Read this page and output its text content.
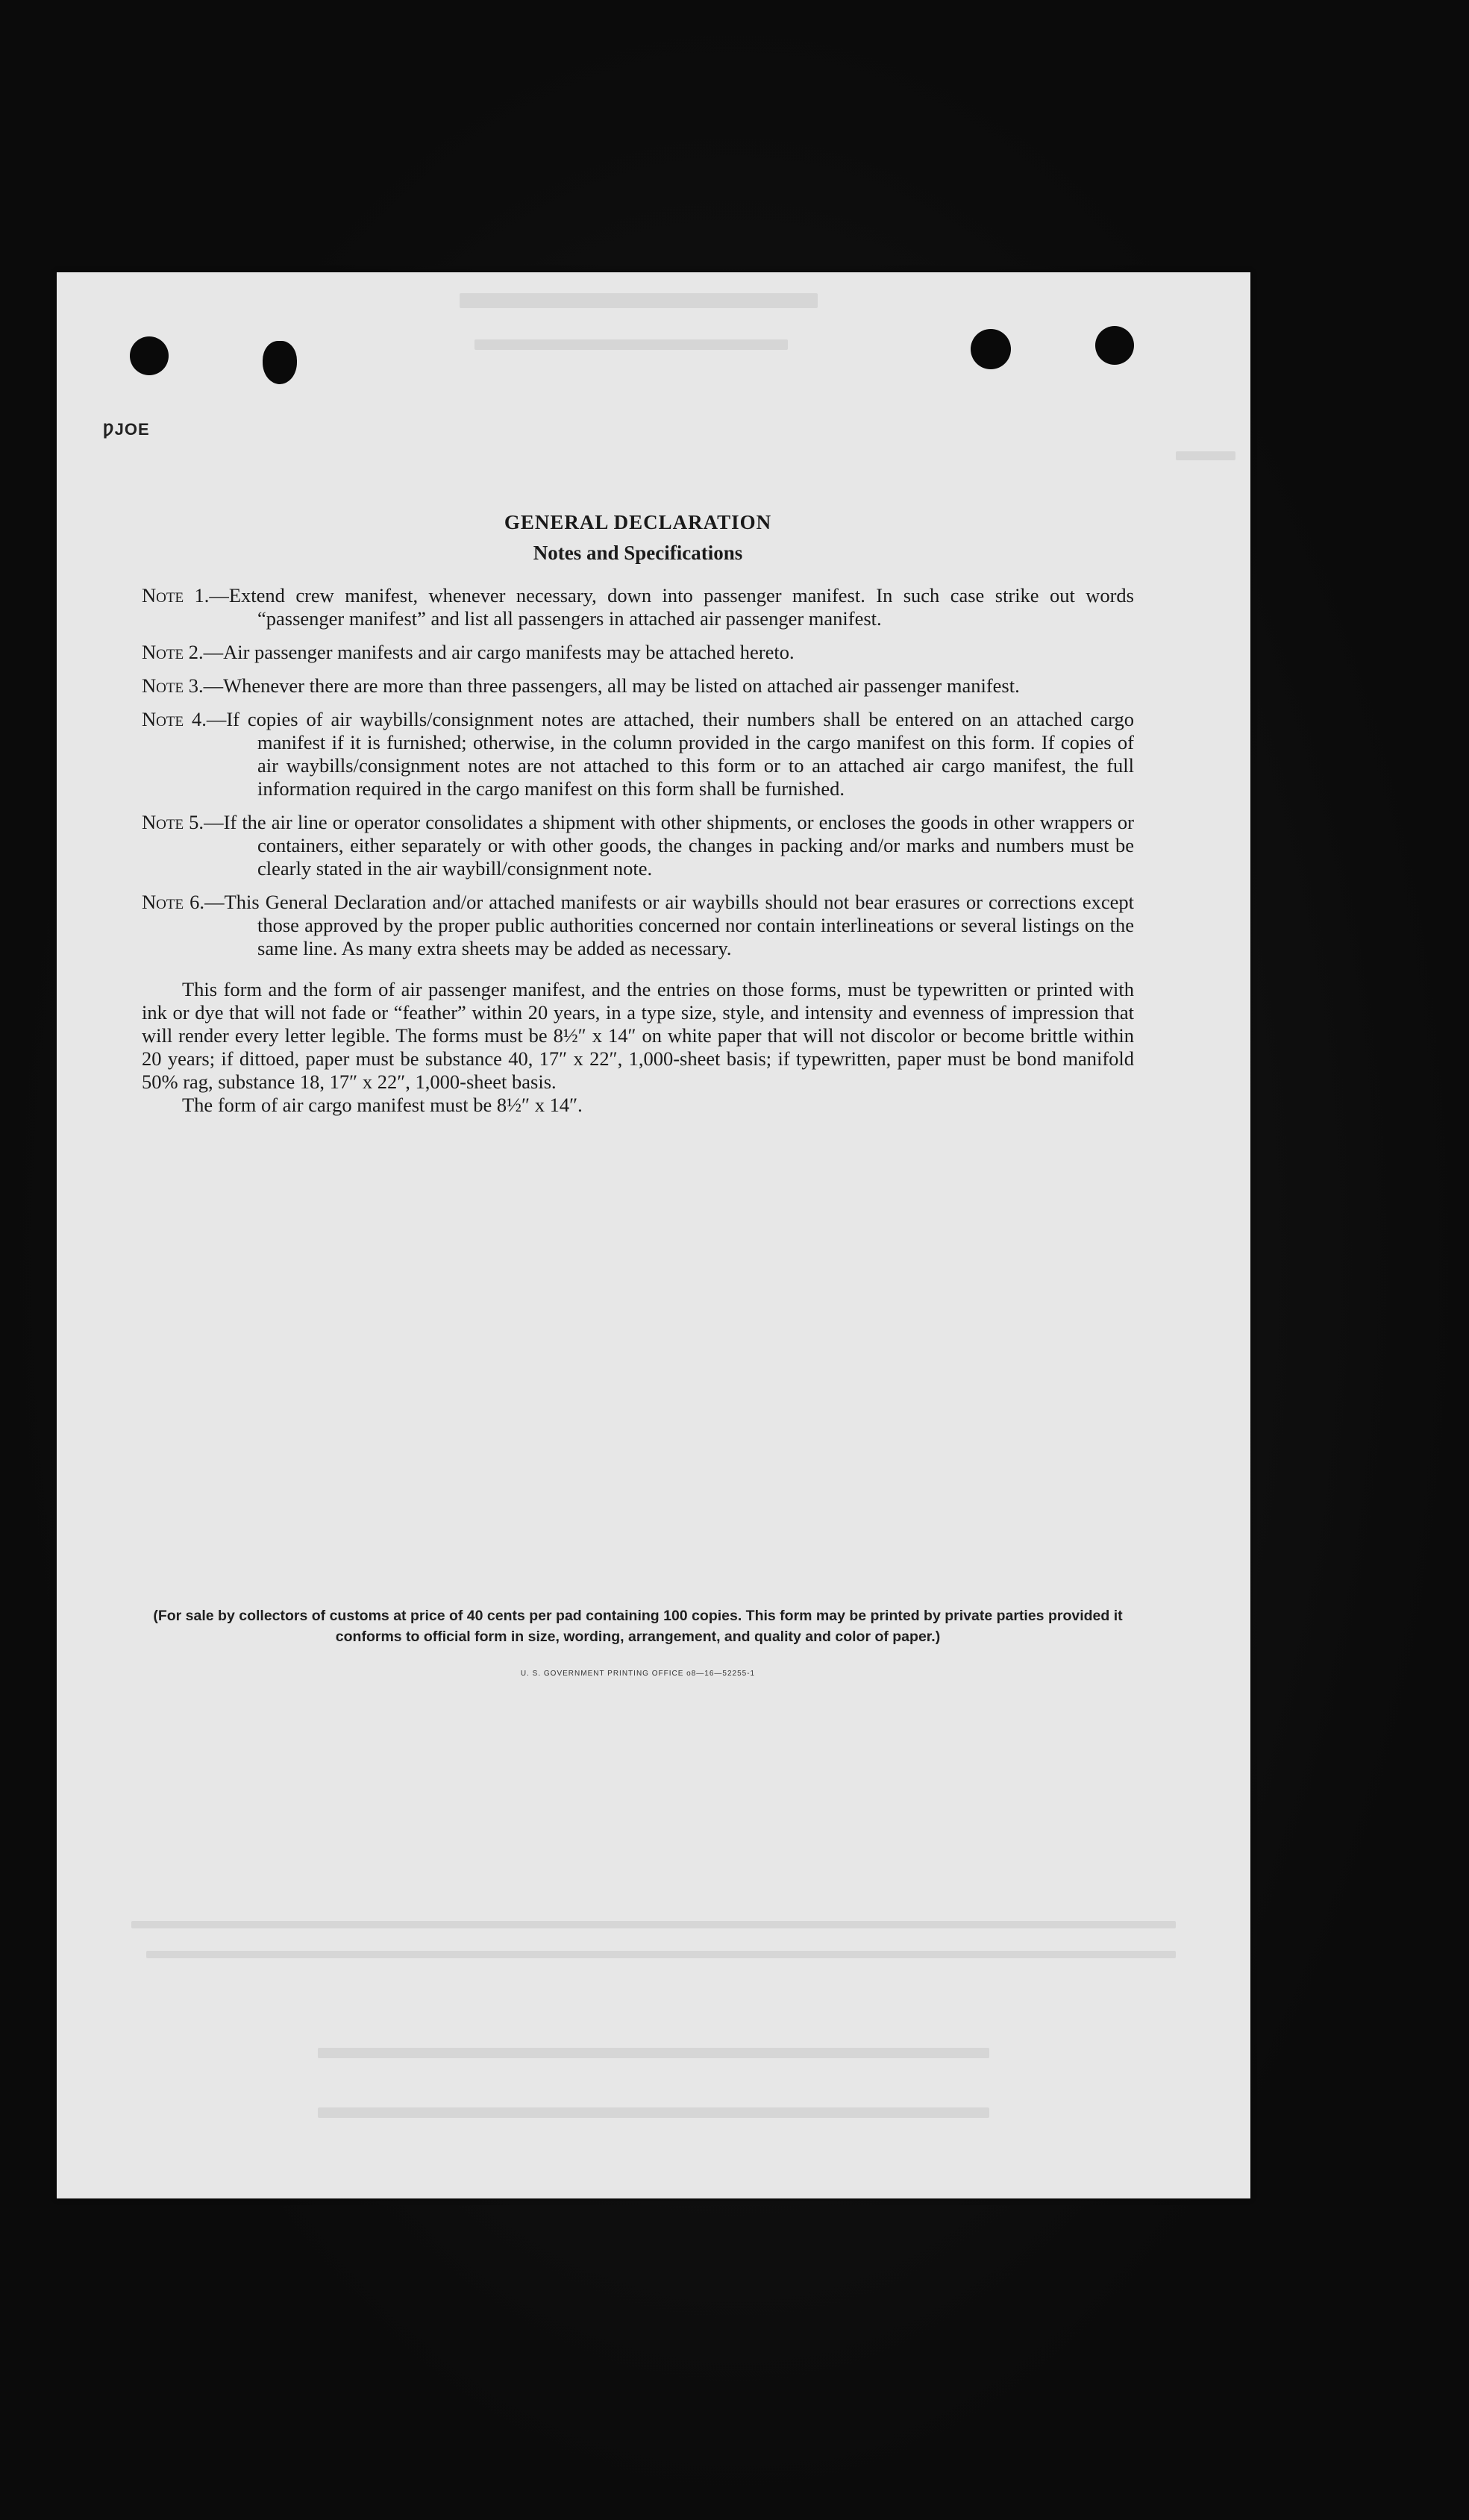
ǷJOE
GENERAL DECLARATION
Notes and Specifications

Note 1.—Extend crew manifest, whenever necessary, down into passenger manifest. In such case strike out words “passenger manifest” and list all passengers in attached air passenger manifest.

Note 2.—Air passenger manifests and air cargo manifests may be attached hereto.

Note 3.—Whenever there are more than three passengers, all may be listed on attached air passenger manifest.

Note 4.—If copies of air waybills/consignment notes are attached, their numbers shall be entered on an attached cargo manifest if it is furnished; otherwise, in the column provided in the cargo manifest on this form. If copies of air waybills/consignment notes are not attached to this form or to an attached air cargo manifest, the full information required in the cargo manifest on this form shall be furnished.

Note 5.—If the air line or operator consolidates a shipment with other shipments, or encloses the goods in other wrappers or containers, either separately or with other goods, the changes in packing and/or marks and numbers must be clearly stated in the air waybill/consignment note.

Note 6.—This General Declaration and/or attached manifests or air waybills should not bear erasures or corrections except those approved by the proper public authorities concerned nor contain interlineations or several listings on the same line. As many extra sheets may be added as necessary.

This form and the form of air passenger manifest, and the entries on those forms, must be typewritten or printed with ink or dye that will not fade or “feather” within 20 years, in a type size, style, and intensity and evenness of impression that will render every letter legible. The forms must be 8½″ x 14″ on white paper that will not discolor or become brittle within 20 years; if dittoed, paper must be substance 40, 17″ x 22″, 1,000-sheet basis; if typewritten, paper must be bond manifold 50% rag, substance 18, 17″ x 22″, 1,000-sheet basis.

The form of air cargo manifest must be 8½″ x 14″.

(For sale by collectors of customs at price of 40 cents per pad containing 100 copies. This form may be printed by private parties provided it conforms to official form in size, wording, arrangement, and quality and color of paper.)
U. S. GOVERNMENT PRINTING OFFICE o8—16—52255-1
